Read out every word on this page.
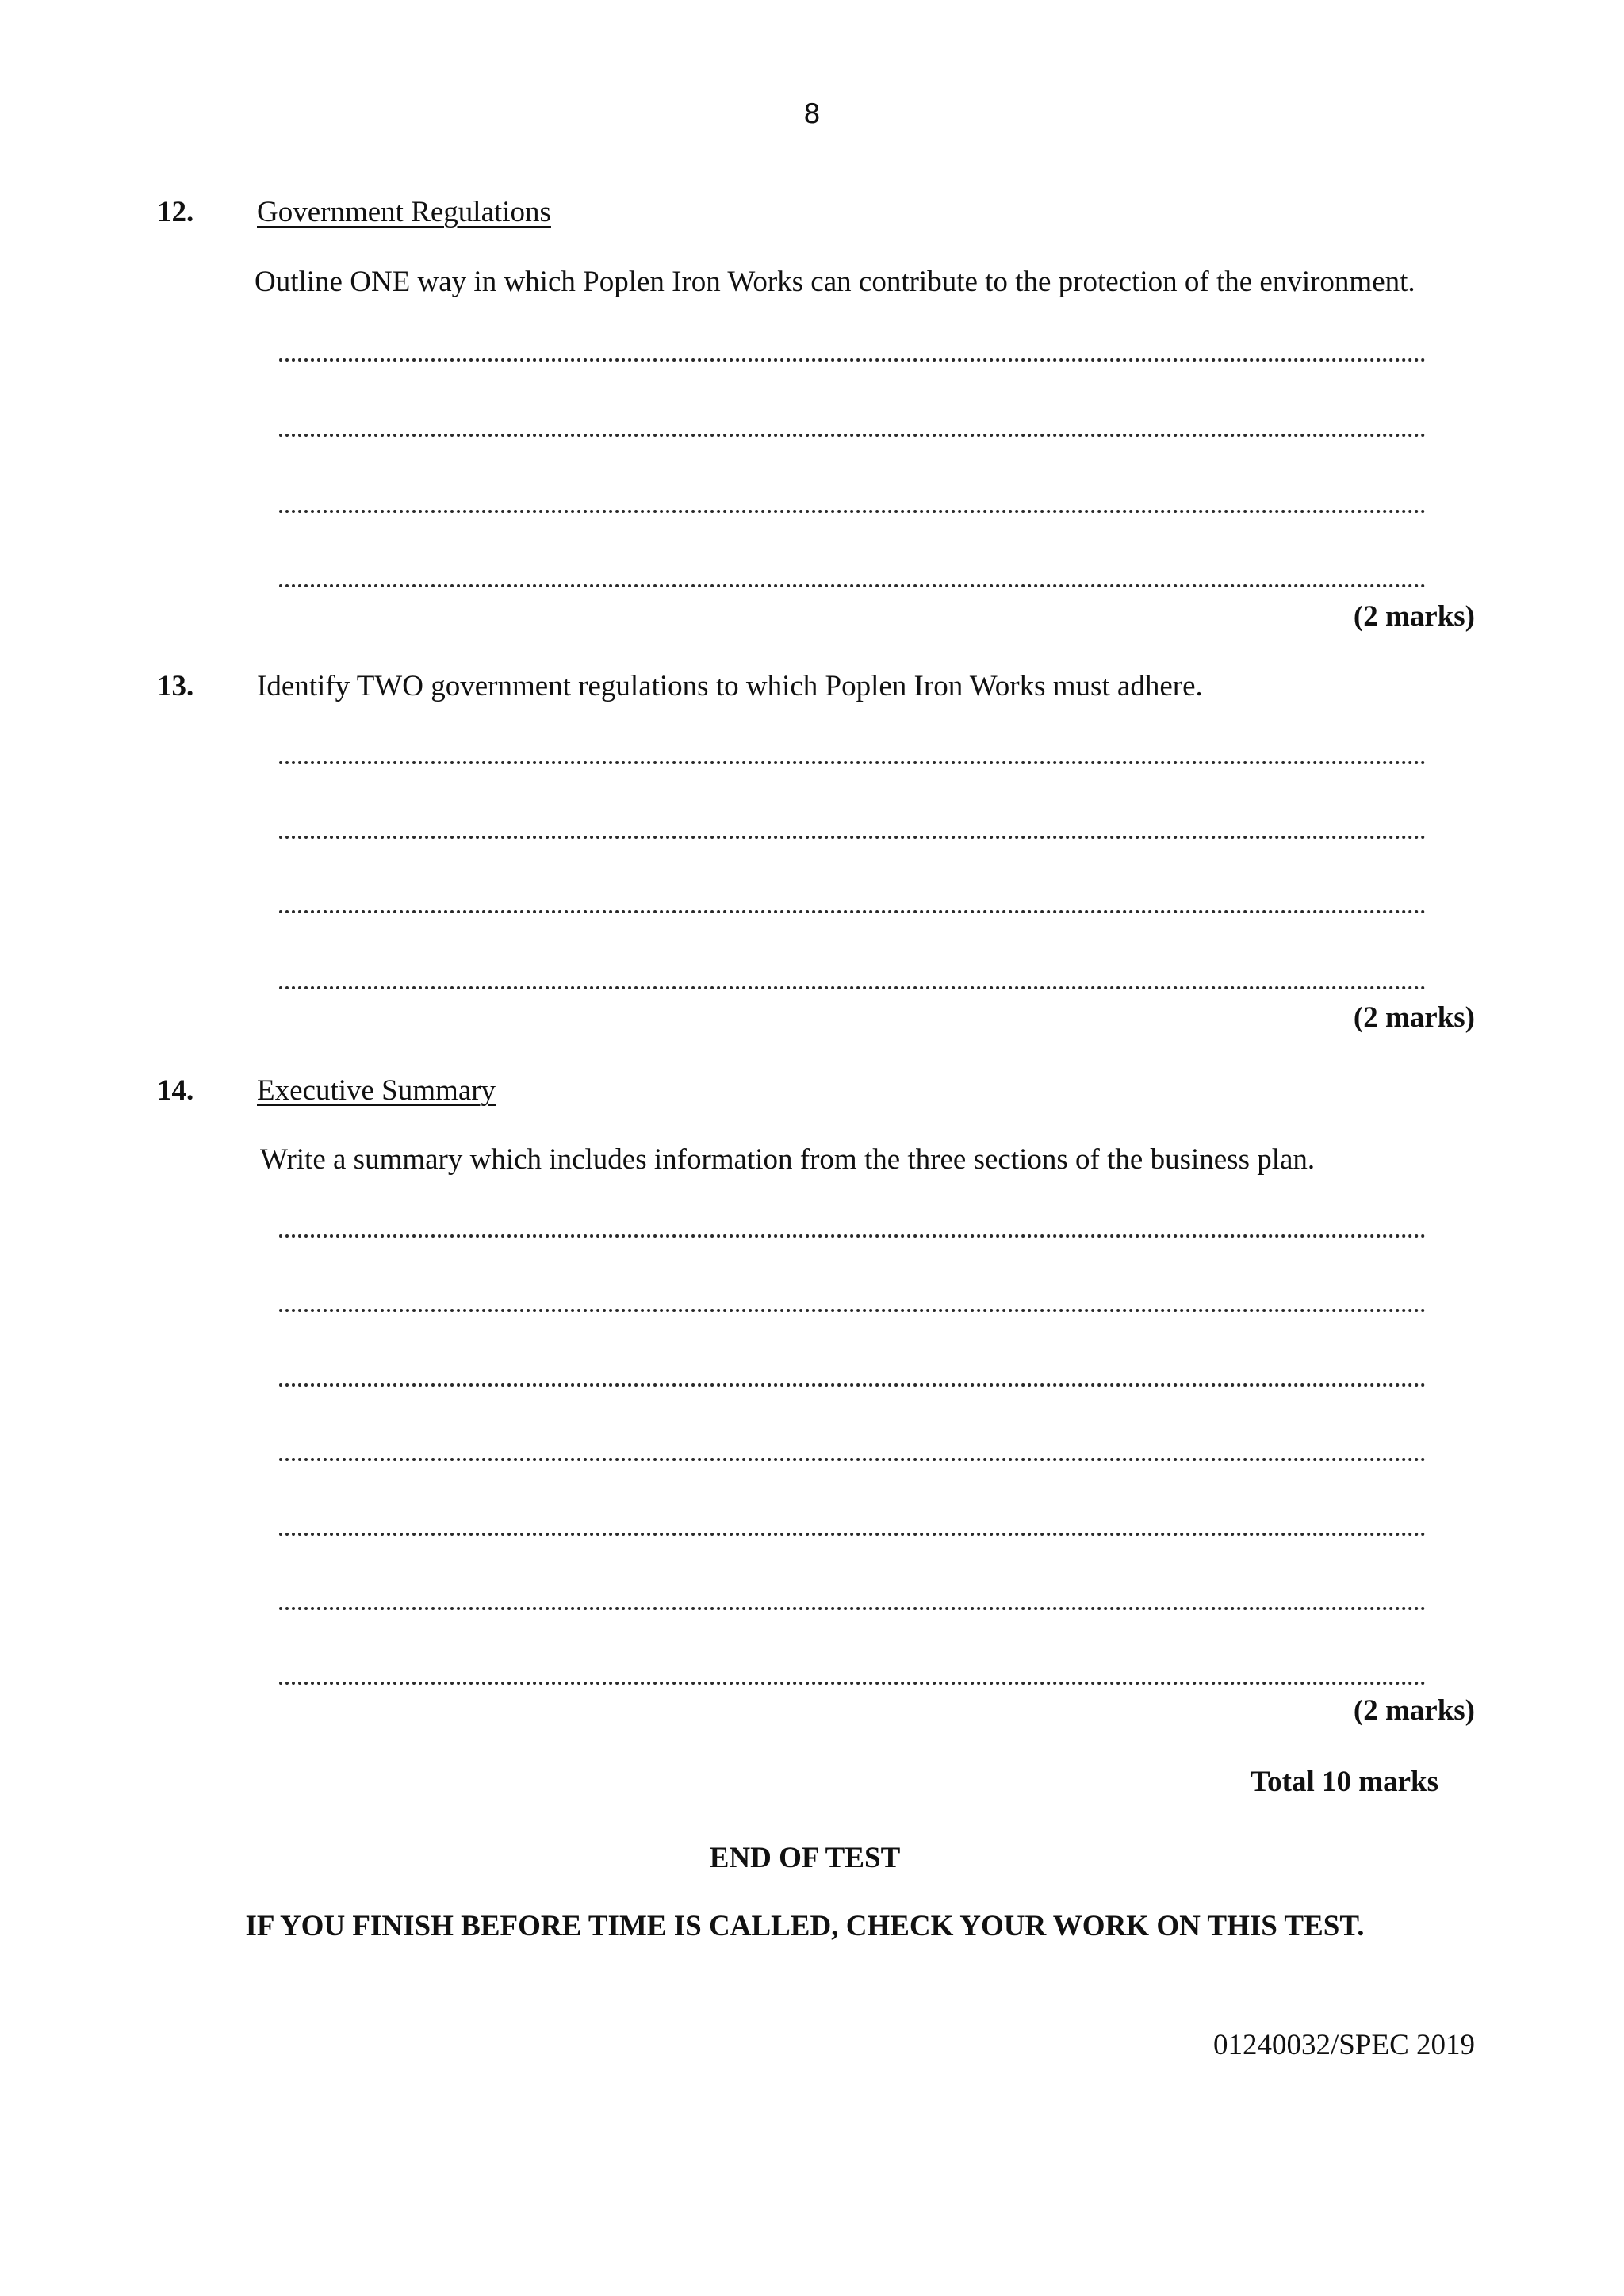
8
12. Government Regulations
Outline ONE way in which Poplen Iron Works can contribute to the protection of the environment.
(2 marks)
13. Identify TWO government regulations to which Poplen Iron Works must adhere.
(2 marks)
14. Executive Summary
Write a summary which includes information from the three sections of the business plan.
(2 marks)
Total 10 marks
END OF TEST
IF YOU FINISH BEFORE TIME IS CALLED, CHECK YOUR WORK ON THIS TEST.
01240032/SPEC 2019
